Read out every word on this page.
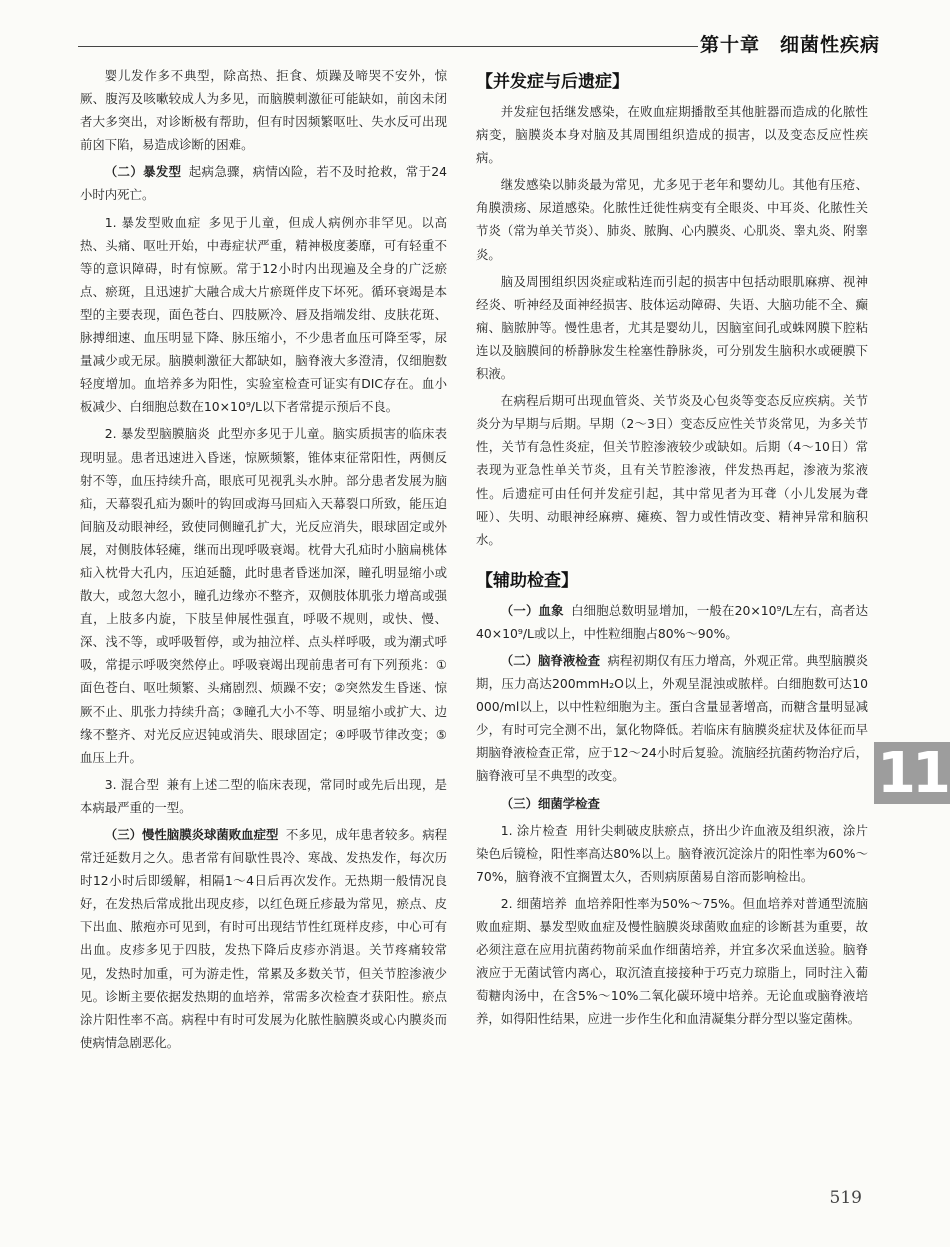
第十章　细菌性疾病

婴儿发作多不典型，除高热、拒食、烦躁及啼哭不安外，惊厥、腹泻及咳嗽较成人为多见，而脑膜刺激征可能缺如，前囟未闭者大多突出，对诊断极有帮助，但有时因频繁呕吐、失水反可出现前囟下陷，易造成诊断的困难。

（二）暴发型 起病急骤，病情凶险，若不及时抢救，常于24小时内死亡。

1. 暴发型败血症 多见于儿童，但成人病例亦非罕见。以高热、头痛、呕吐开始，中毒症状严重，精神极度萎靡，可有轻重不等的意识障碍，时有惊厥。常于12小时内出现遍及全身的广泛瘀点、瘀斑，且迅速扩大融合成大片瘀斑伴皮下坏死。循环衰竭是本型的主要表现，面色苍白、四肢厥冷、唇及指端发绀、皮肤花斑、脉搏细速、血压明显下降、脉压缩小，不少患者血压可降至零，尿量减少或无尿。脑膜刺激征大都缺如，脑脊液大多澄清，仅细胞数轻度增加。血培养多为阳性，实验室检查可证实有DIC存在。血小板减少、白细胞总数在10×10⁹/L以下者常提示预后不良。

2. 暴发型脑膜脑炎 此型亦多见于儿童。脑实质损害的临床表现明显。患者迅速进入昏迷，惊厥频繁，锥体束征常阳性，两侧反射不等，血压持续升高，眼底可见视乳头水肿。部分患者发展为脑疝，天幕裂孔疝为颞叶的钩回或海马回疝入天幕裂口所致，能压迫间脑及动眼神经，致使同侧瞳孔扩大，光反应消失，眼球固定或外展，对侧肢体轻瘫，继而出现呼吸衰竭。枕骨大孔疝时小脑扁桃体疝入枕骨大孔内，压迫延髓，此时患者昏迷加深，瞳孔明显缩小或散大，或忽大忽小，瞳孔边缘亦不整齐，双侧肢体肌张力增高或强直，上肢多内旋，下肢呈伸展性强直，呼吸不规则，或快、慢、深、浅不等，或呼吸暂停，或为抽泣样、点头样呼吸，或为潮式呼吸，常提示呼吸突然停止。呼吸衰竭出现前患者可有下列预兆：①面色苍白、呕吐频繁、头痛剧烈、烦躁不安；②突然发生昏迷、惊厥不止、肌张力持续升高；③瞳孔大小不等、明显缩小或扩大、边缘不整齐、对光反应迟钝或消失、眼球固定；④呼吸节律改变；⑤血压上升。

3. 混合型 兼有上述二型的临床表现，常同时或先后出现，是本病最严重的一型。

（三）慢性脑膜炎球菌败血症型 不多见，成年患者较多。病程常迁延数月之久。患者常有间歇性畏冷、寒战、发热发作，每次历时12小时后即缓解，相隔1～4日后再次发作。无热期一般情况良好，在发热后常成批出现皮疹，以红色斑丘疹最为常见，瘀点、皮下出血、脓疱亦可见到，有时可出现结节性红斑样皮疹，中心可有出血。皮疹多见于四肢，发热下降后皮疹亦消退。关节疼痛较常见，发热时加重，可为游走性，常累及多数关节，但关节腔渗液少见。诊断主要依据发热期的血培养，常需多次检查才获阳性。瘀点涂片阳性率不高。病程中有时可发展为化脓性脑膜炎或心内膜炎而使病情急剧恶化。

【并发症与后遗症】

并发症包括继发感染，在败血症期播散至其他脏器而造成的化脓性病变，脑膜炎本身对脑及其周围组织造成的损害，以及变态反应性疾病。

继发感染以肺炎最为常见，尤多见于老年和婴幼儿。其他有压疮、角膜溃疡、尿道感染。化脓性迁徙性病变有全眼炎、中耳炎、化脓性关节炎（常为单关节炎）、肺炎、脓胸、心内膜炎、心肌炎、睾丸炎、附睾炎。

脑及周围组织因炎症或粘连而引起的损害中包括动眼肌麻痹、视神经炎、听神经及面神经损害、肢体运动障碍、失语、大脑功能不全、癫痫、脑脓肿等。慢性患者，尤其是婴幼儿，因脑室间孔或蛛网膜下腔粘连以及脑膜间的桥静脉发生栓塞性静脉炎，可分别发生脑积水或硬膜下积液。

在病程后期可出现血管炎、关节炎及心包炎等变态反应疾病。关节炎分为早期与后期。早期（2～3日）变态反应性关节炎常见，为多关节性，关节有急性炎症，但关节腔渗液较少或缺如。后期（4～10日）常表现为亚急性单关节炎，且有关节腔渗液，伴发热再起，渗液为浆液性。后遗症可由任何并发症引起，其中常见者为耳聋（小儿发展为聋哑）、失明、动眼神经麻痹、瘫痪、智力或性情改变、精神异常和脑积水。

【辅助检查】

（一）血象 白细胞总数明显增加，一般在20×10⁹/L左右，高者达40×10⁹/L或以上，中性粒细胞占80%～90%。

（二）脑脊液检查 病程初期仅有压力增高，外观正常。典型脑膜炎期，压力高达200mmH₂O以上，外观呈混浊或脓样。白细胞数可达10 000/ml以上，以中性粒细胞为主。蛋白含量显著增高，而糖含量明显减少，有时可完全测不出，氯化物降低。若临床有脑膜炎症状及体征而早期脑脊液检查正常，应于12～24小时后复验。流脑经抗菌药物治疗后，脑脊液可呈不典型的改变。

（三）细菌学检查

1. 涂片检查 用针尖刺破皮肤瘀点，挤出少许血液及组织液，涂片染色后镜检，阳性率高达80%以上。脑脊液沉淀涂片的阳性率为60%～70%，脑脊液不宜搁置太久，否则病原菌易自溶而影响检出。

2. 细菌培养 血培养阳性率为50%～75%。但血培养对普通型流脑败血症期、暴发型败血症及慢性脑膜炎球菌败血症的诊断甚为重要，故必须注意在应用抗菌药物前采血作细菌培养，并宜多次采血送验。脑脊液应于无菌试管内离心，取沉渣直接接种于巧克力琼脂上，同时注入葡萄糖肉汤中，在含5%～10%二氧化碳环境中培养。无论血或脑脊液培养，如得阳性结果，应进一步作生化和血清凝集分群分型以鉴定菌株。

11
519
